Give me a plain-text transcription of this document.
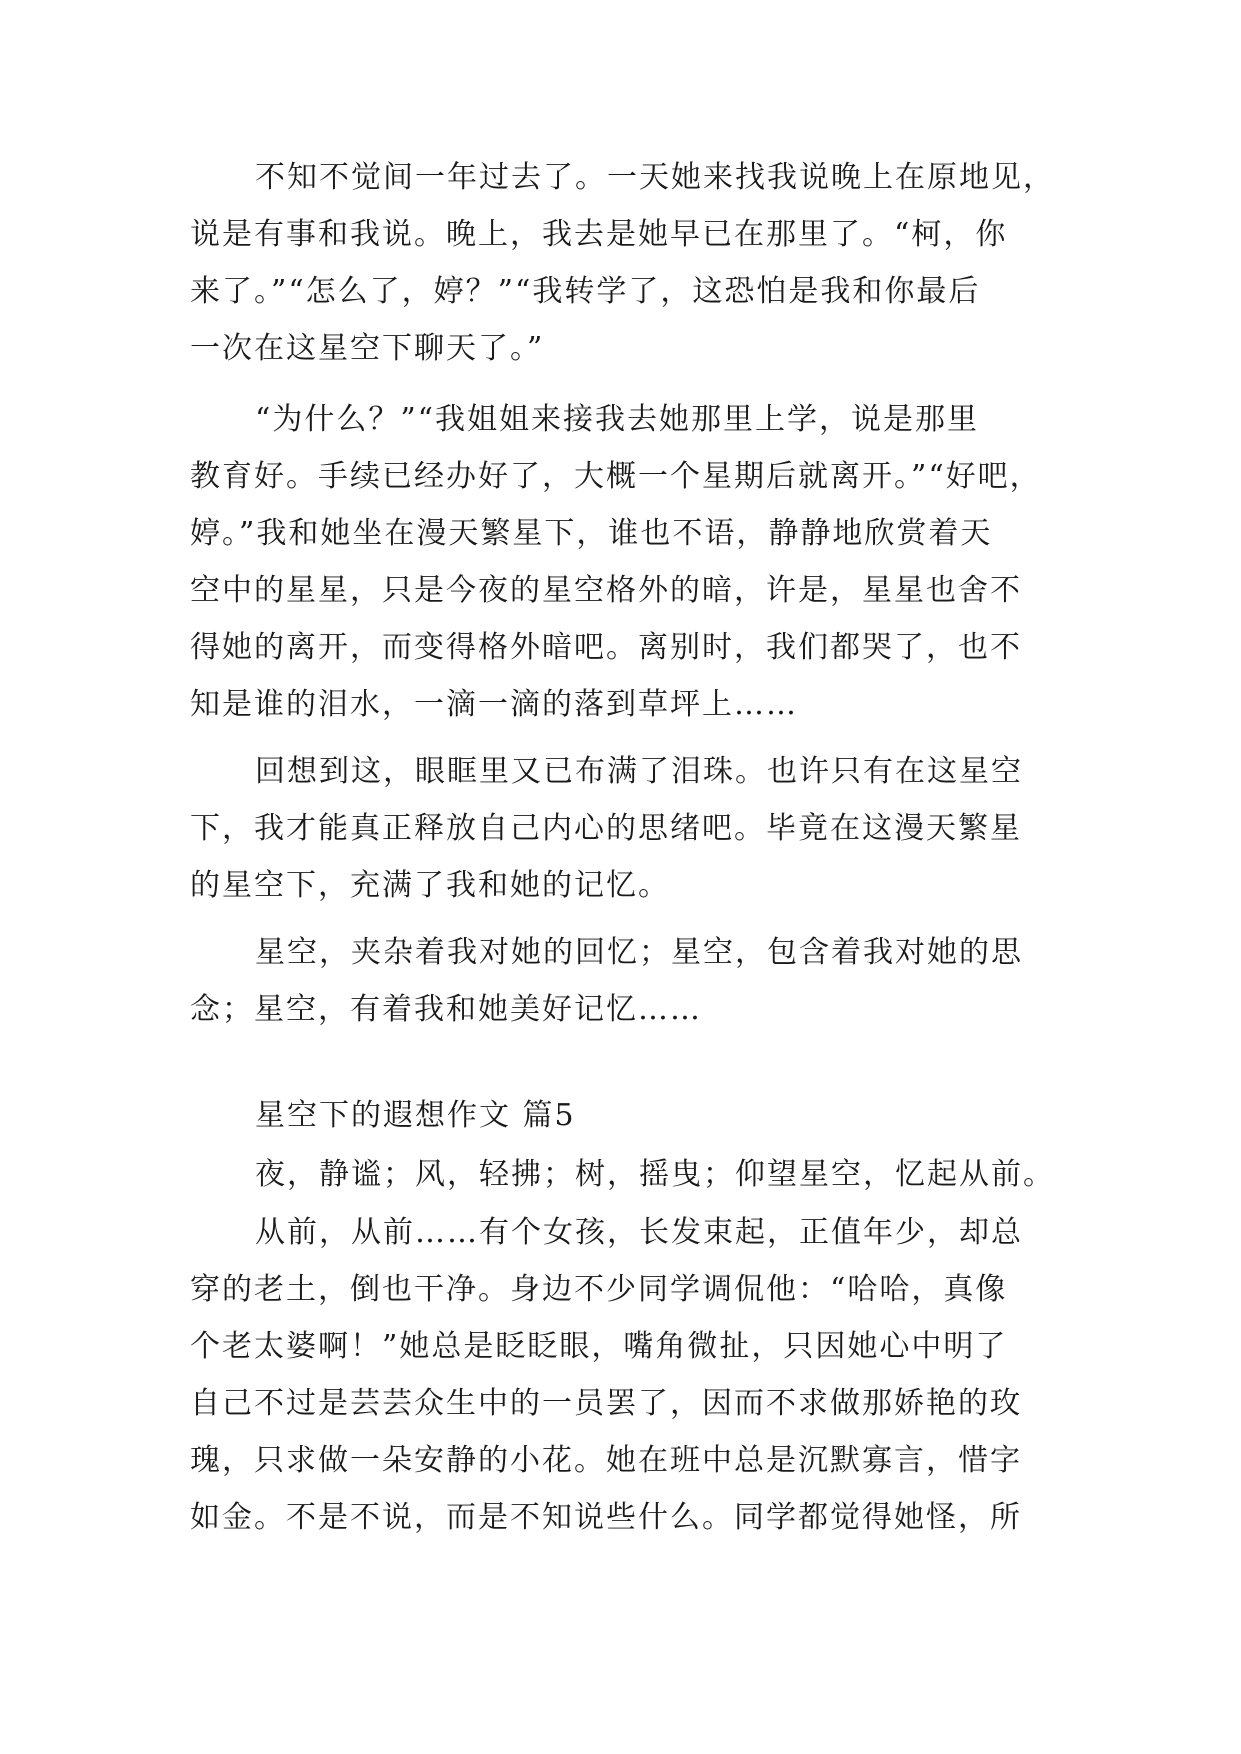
不知不觉间一年过去了。一天她来找我说晚上在原地见，

说是有事和我说。晚上，我去是她早已在那里了。“柯，你

来了。”“怎么了，婷？”“我转学了，这恐怕是我和你最后

一次在这星空下聊天了。”

“为什么？”“我姐姐来接我去她那里上学，说是那里

教育好。手续已经办好了，大概一个星期后就离开。”“好吧，

婷。”我和她坐在漫天繁星下，谁也不语，静静地欣赏着天

空中的星星，只是今夜的星空格外的暗，许是，星星也舍不

得她的离开，而变得格外暗吧。离别时，我们都哭了，也不

知是谁的泪水，一滴一滴的落到草坪上……

回想到这，眼眶里又已布满了泪珠。也许只有在这星空

下，我才能真正释放自己内心的思绪吧。毕竟在这漫天繁星

的星空下，充满了我和她的记忆。

星空，夹杂着我对她的回忆；星空，包含着我对她的思

念；星空，有着我和她美好记忆……

星空下的遐想作文 篇5

夜，静谧；风，轻拂；树，摇曳；仰望星空，忆起从前。

从前，从前……有个女孩，长发束起，正值年少，却总

穿的老土，倒也干净。身边不少同学调侃他：“哈哈，真像

个老太婆啊！”她总是眨眨眼，嘴角微扯，只因她心中明了

自己不过是芸芸众生中的一员罢了，因而不求做那娇艳的玫

瑰，只求做一朵安静的小花。她在班中总是沉默寡言，惜字

如金。不是不说，而是不知说些什么。同学都觉得她怪，所
